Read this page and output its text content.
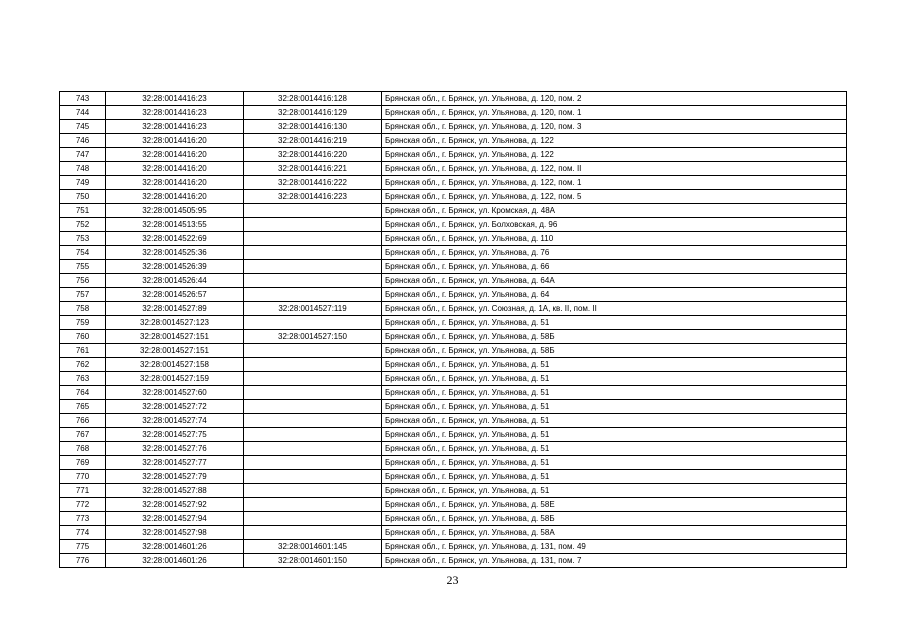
743	32:28:0014416:23	32:28:0014416:128	Брянская обл., г. Брянск, ул. Ульянова, д. 120, пом. 2
744	32:28:0014416:23	32:28:0014416:129	Брянская обл., г. Брянск, ул. Ульянова, д. 120, пом. 1
745	32:28:0014416:23	32:28:0014416:130	Брянская обл., г. Брянск, ул. Ульянова, д. 120, пом. 3
746	32:28:0014416:20	32:28:0014416:219	Брянская обл., г. Брянск, ул. Ульянова, д. 122
747	32:28:0014416:20	32:28:0014416:220	Брянская обл., г. Брянск, ул. Ульянова, д. 122
748	32:28:0014416:20	32:28:0014416:221	Брянская обл., г. Брянск, ул. Ульянова, д. 122, пом. II
749	32:28:0014416:20	32:28:0014416:222	Брянская обл., г. Брянск, ул. Ульянова, д. 122, пом. 1
750	32:28:0014416:20	32:28:0014416:223	Брянская обл., г. Брянск, ул. Ульянова, д. 122, пом. 5
751	32:28:0014505:95		Брянская обл., г. Брянск, ул. Кромская, д. 48А
752	32:28:0014513:55		Брянская обл., г. Брянск, ул. Болховская, д. 96
753	32:28:0014522:69		Брянская обл., г. Брянск, ул. Ульянова, д. 110
754	32:28:0014525:36		Брянская обл., г. Брянск, ул. Ульянова, д. 76
755	32:28:0014526:39		Брянская обл., г. Брянск, ул. Ульянова, д. 66
756	32:28:0014526:44		Брянская обл., г. Брянск, ул. Ульянова, д. 64А
757	32:28:0014526:57		Брянская обл., г. Брянск, ул. Ульянова, д. 64
758	32:28:0014527:89	32:28:0014527:119	Брянская обл., г. Брянск, ул. Союзная, д. 1А, кв. II, пом. II
759	32:28:0014527:123		Брянская обл., г. Брянск, ул. Ульянова, д. 51
760	32:28:0014527:151	32:28:0014527:150	Брянская обл., г. Брянск, ул. Ульянова, д. 58Б
761	32:28:0014527:151		Брянская обл., г. Брянск, ул. Ульянова, д. 58Б
762	32:28:0014527:158		Брянская обл., г. Брянск, ул. Ульянова, д. 51
763	32:28:0014527:159		Брянская обл., г. Брянск, ул. Ульянова, д. 51
764	32:28:0014527:60		Брянская обл., г. Брянск, ул. Ульянова, д. 51
765	32:28:0014527:72		Брянская обл., г. Брянск, ул. Ульянова, д. 51
766	32:28:0014527:74		Брянская обл., г. Брянск, ул. Ульянова, д. 51
767	32:28:0014527:75		Брянская обл., г. Брянск, ул. Ульянова, д. 51
768	32:28:0014527:76		Брянская обл., г. Брянск, ул. Ульянова, д. 51
769	32:28:0014527:77		Брянская обл., г. Брянск, ул. Ульянова, д. 51
770	32:28:0014527:79		Брянская обл., г. Брянск, ул. Ульянова, д. 51
771	32:28:0014527:88		Брянская обл., г. Брянск, ул. Ульянова, д. 51
772	32:28:0014527:92		Брянская обл., г. Брянск, ул. Ульянова, д. 58Е
773	32:28:0014527:94		Брянская обл., г. Брянск, ул. Ульянова, д. 58Б
774	32:28:0014527:98		Брянская обл., г. Брянск, ул. Ульянова, д. 58А
775	32:28:0014601:26	32:28:0014601:145	Брянская обл., г. Брянск, ул. Ульянова, д. 131, пом. 49
776	32:28:0014601:26	32:28:0014601:150	Брянская обл., г. Брянск, ул. Ульянова, д. 131, пом. 7
23
